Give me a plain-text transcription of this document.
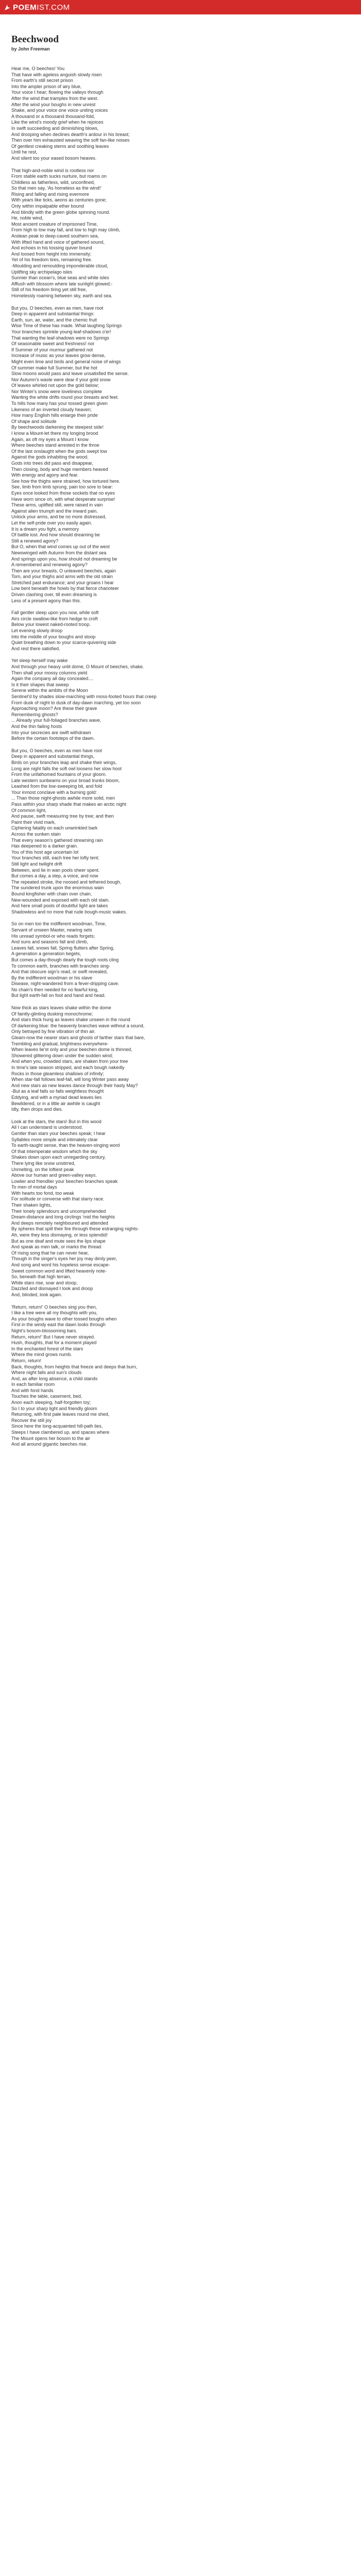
POEMIST.COM
Beechwood
by John Freeman
Hear me, O beeches! You
That have with ageless anguish slowly risen
From earth's still secret prison
Into the ampler prison of airy blue,
Your voice I hear; flowing the valleys through
After the wind that tramples from the west.
After the wind your boughs in new unrest
Shake, and your voice one voice uniting voices
A thousand or a thousand thousand-fold,
Like the wind's moody grief when he rejoices
In swift succeeding and diminishing blows,
And drooping when declines dearth's ardour in his breast;
Then over him exhausted weaving the soft fan-like noises
Of gentlest creaking stems and soothing leaves
Until he rest,
And silent too your eased bosom heaves.
That high-and-noble wind is rootless nor
From stable earth sucks nurture, but roams on
Childless as fatherless, wild, unconfined,
So that men say, 'As homeless as the wind!'
Rising and falling and rising evermore
With years like ticks, aeons as centuries gone;
Only within impalpable ether bound
And blindly with the green globe spinning round.
He, noble wind,
Most ancient creature of imprisoned Time,
From high to low may fall, and low to high may climb,
Andean peak to deep-caved southern sea,
With lifted hand and voice of gathered sound,
And echoes in his tossing quiver bound
And loosed from height into immensity;
Yet of his freedom tires, remaining free.
-Moulding and remoulding imponderable cloud,
Uplifting sky archipelago isles
Sunnier than ocean's, blue seas and white isles
Afflush with blossom where late sunlight glowed;-
Still of his freedom tiring yet still free,
Homelessly roaming between sky, earth and sea.
But you, O beeches, even as men, have root
Deep in apparent and substantial things:
Earth, sun, air, water, and the chemic fruit
Wise Time of these has made. What laughing Springs
Your branches sprinkle young leaf-shadows o'er!
That wanting the leaf-shadows were no Springs
Of seasonable sweet and freshness! nor
If Summer of your murmur gathered not
Increase of music as your leaves grow dense,
Might even lime and birds and general noise of wings
Of summer make full Summer, but the hot
Slow moons would pass and leave unsatisfied the sense.
Nor Autumn's waste were dear if your gold snow
Of leaves whirled not upon the gold below;
Nor Winter's snow were loveliness complete
Wanting the white drifts round your breasts and feet.
To hills how many has your tossed green given
Likeness of an inverted cloudy heaven;
How many English hills enlarge their pride
Of shape and solitude
By beechwoods darkening the steepest side!
I know a Mount-let there my longing brood
Again, as oft my eyes a Mount I know
Where beeches stand arrested in the throe
Of the last onslaught when the gods swept low
Against the gods inhabiting the wood.
Gods into trees did pass and disappear,
Then closing, body and huge members heaved
With energy and agony and fear.
See how the thighs were strained, how tortured here.
See, limb from limb sprung, pain too sore to bear:
Eyes once looked from those sockets that no eyes
Have worn since oh, with what desperate surprise!
These arms, uplifted still, were raised in vain
Against alien triumph and the inward pain.
Unlock your arms, and be no more distressed,
Let the self-pride over you easily again.
It is a dream you fight, a memory
Of battle lost. And how should dreaming be
Still a renewed agony?
But O, when that wind comes up out of the west
Newswinged with Autumn from the distant sea
And springs upon you, how should not dreaming be
A remembered and renewing agony?
Then are your breasts, O unleaved beeches, again
Torn, and your thighs and arms with the old strain
Stretched past endurance; and your groans I hear
Low bent beneath the howls by that fierce charioteer
Driven clashing over, till even dreaming is
Less of a present agony than this.
Fall gentler sleep upon you now, while soft
Airs circle swallow-like from hedge to croft
Below your lowest naked-rooted troop.
Let evening slowly droop
Into the middle of your boughs and stoop
Quiet breathing down to your scarce-quivering side
And rest there satisfied.
Yet sleep herself may wake
And through your heavy unlit dome, O Mount of beeches, shake.
Then shall your mossy columns yield
Again the company all day concealed....
Is it their shapes that sweep
Serene within the ambits of the Moon
Sentinel'd by shades slow-marching with moss-footed hours that creep
From dusk of night to dusk of day-dawn marching, yet too soon
Approaching moon? Are these their grave
Remembering ghosts?
... Already your full-foliaged branches wave,
And the thin failing hosts
Into your secrecies are swift withdrawn
Before the certain footsteps of the dawn.
But you, O beeches, even as men have root
Deep in apparent and substantial things,
Birds on your branches leap and shake their wings,
Long are night falls the soft owl loosens her slow hoot
From the unfathomed fountains of your gloom.
Late western sunbeams on your broad trunks bloom,
Leashed from the low-sweeping bit, and fold
Your inmost conclave with a burning gold:
... Than those night-ghosts awhile more solid, men
Pass within your sharp shade that makes an arctic night
Of common light,
And pause, swift measuring tree by tree; and then
Paint their vivid mark,
Ciphering fatality on each unwrinkled bark
Across the sunken stain
That every season's gathered streaming rain
Has deepened to a darker grain.
You of this host age uncertain lot
Your branches still, each tree her lofty tent;
Still light and twilight drift
Between, and lie in wan pools sheer spent.
But comes a day, a step, a voice, and now
The repeated stroke, the noosed and tethered bough,
The sundered trunk upon the enormous wain
Bound kingfisher with chain over chain,
New-wounded and exposed with each old stain.
And here small pools of doubtful light are takes
Shadowless and no more that rude bough-music wakes.
So on men too the indifferent woodman, Time,
Servant of unseen Master, nearing sets
His unread symbol-or who reads forgets;
And suns and seasons fall and climb,
Leaves fall, snows fall, Spring flutters after Spring,
A generation a generation begets,
But comes a day-though dearly the tough roots cling
To common earth, branches with branches sing-
And that obscure sign's read, or swift revealed,
By the indifferent woodman or his slave
Disease, night-wandered from a fever-dripping cave.
No chain's then needed for no fearful king,
But light earth-fall on foot and hand and head.
Now thick as stars leaves shake within the dome
Of faintly-glinting dusking monochrome;
And stars thick hung as leaves shake unseen in the round
Of darkening blue: the heavenly branches wave without a sound,
Only betrayed by fine vibration of thin air.
Gleam-now the nearer stars and ghosts of farther stars that bare,
Trembling and gradual, brightness everywhere-
When leaves lie'st only and your beechen dome is thinned,
Showered glittering down under the sudden wind;
And when you, crowded stars, are shaken from your tree
In time's late season stripped, and each bough nakedly
Rocks in those gleamless shallows of infinity;
When star-fall follows leaf-fall, will long Winter pass away
And new stars as new leaves dance through their hasty May?
-But as a leaf falls so falls weightless thought
Eddying, and with a myriad dead leaves lies
Bewildered, or in a little air awhile is caught
Idly, then drops and dies.
Look at the stars, the stars! But in this wood
All I can understand is understood.
Gentler than stars your beeches speak; I hear
Syllables more simple and intimately clear
To earth-taught sense, than the heaven-singing word
Of that intemperate wisdom which the sky
Shakes down upon each unregarding century,
There lying like snow unstirred,
Unmelting, on the loftiest peak
Above our human and green-valley ways.
Lowlier and friendlier your beechen branches speak
To men of mortal days
With hearts too fond, too weak
For solitude or converse with that starry race.
Their shaken lights,
Their lonely splendours and uncomprehended
Dream-distance and long circlings 'mid the heights
And deeps remotely neighboured and attended
By spheres that spill their fire through these estranging nights-
Ah, were they less dismaying, or less splendid!
But as one deaf and mute sees the lips shape
And speak as men talk, or marks the thread
Of rising song that he can never hear,
Though in the singer's eyes her joy may dimly peer,
And song and word his hopeless sense escape-
Sweet common word and lifted heavenly note-
So, beneath that high terrain,
While stars rise, soar and stoop,
Dazzled and dismayed I look and droop
And, blinded, look again.
'Return, return!' O beeches sing you then,
I like a tree were all my thoughts with you,
As your boughs wave to other tossed boughs when
First in the windy east the dawn looks through
Night's bosom-blossoming bars.
Return, return!' But I have never strayed.
Hush, thoughts, that for a moment played
In the enchanted forest of the stars
Where the mind grows numb.
Return, return!
Back, thoughts, from heights that freeze and deeps that burn,
Where night falls and sun's clouds
And, as after long absence, a child stands
In each familiar room
And with fond hands
Touches the table, casement, bed,
Anon each sleeping, half-forgotten toy;
So I to your sharp light and friendly gloom
Returning, with first pale leaves round me shed,
Recover the still joy
Since here the long-acquainted hill-path lies,
Steeps I have clambered up, and spaces where
The Mount opens her bosom to the air
And all around gigantic beeches rise.
